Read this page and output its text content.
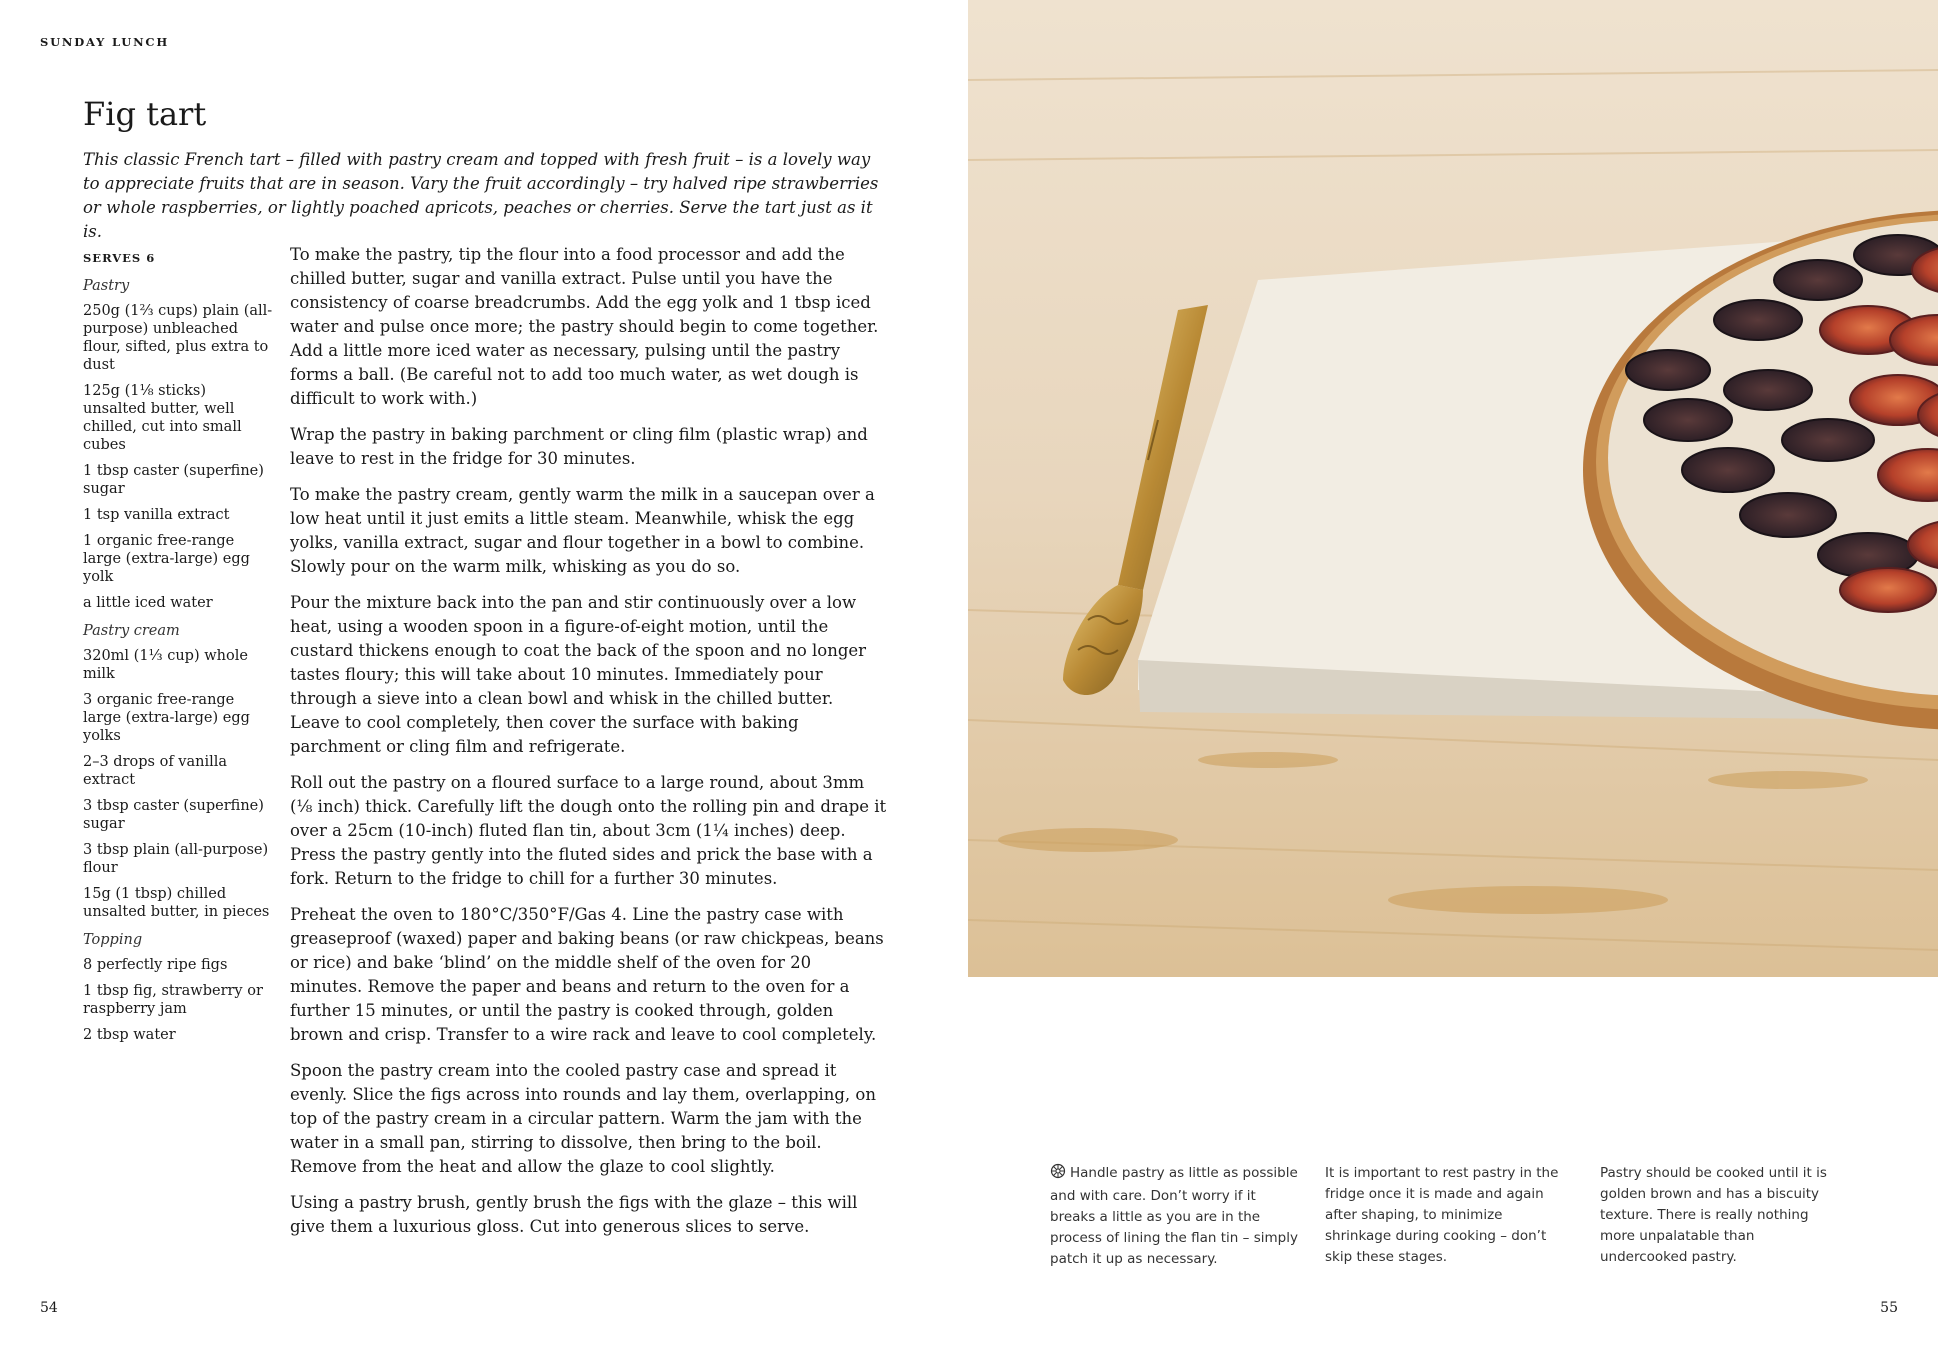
SUNDAY LUNCH
Fig tart

This classic French tart – filled with pastry cream and topped with fresh fruit – is a lovely way to appreciate fruits that are in season. Vary the fruit accordingly – try halved ripe strawberries or whole raspberries, or lightly poached apricots, peaches or cherries. Serve the tart just as it is.

SERVES 6
Pastry
250g (1⅔ cups) plain (all-purpose) unbleached flour, sifted, plus extra to dust
125g (1⅛ sticks) unsalted butter, well chilled, cut into small cubes
1 tbsp caster (superfine) sugar
1 tsp vanilla extract
1 organic free-range large (extra-large) egg yolk
a little iced water
Pastry cream
320ml (1⅓ cup) whole milk
3 organic free-range large (extra-large) egg yolks
2–3 drops of vanilla extract
3 tbsp caster (superfine) sugar
3 tbsp plain (all-purpose) flour
15g (1 tbsp) chilled unsalted butter, in pieces
Topping
8 perfectly ripe figs
1 tbsp fig, strawberry or raspberry jam
2 tbsp water

To make the pastry, tip the flour into a food processor and add the chilled butter, sugar and vanilla extract. Pulse until you have the consistency of coarse breadcrumbs. Add the egg yolk and 1 tbsp iced water and pulse once more; the pastry should begin to come together. Add a little more iced water as necessary, pulsing until the pastry forms a ball. (Be careful not to add too much water, as wet dough is difficult to work with.)

Wrap the pastry in baking parchment or cling film (plastic wrap) and leave to rest in the fridge for 30 minutes.

To make the pastry cream, gently warm the milk in a saucepan over a low heat until it just emits a little steam. Meanwhile, whisk the egg yolks, vanilla extract, sugar and flour together in a bowl to combine. Slowly pour on the warm milk, whisking as you do so.

Pour the mixture back into the pan and stir continuously over a low heat, using a wooden spoon in a figure-of-eight motion, until the custard thickens enough to coat the back of the spoon and no longer tastes floury; this will take about 10 minutes. Immediately pour through a sieve into a clean bowl and whisk in the chilled butter. Leave to cool completely, then cover the surface with baking parchment or cling film and refrigerate.

Roll out the pastry on a floured surface to a large round, about 3mm (⅛ inch) thick. Carefully lift the dough onto the rolling pin and drape it over a 25cm (10-inch) fluted flan tin, about 3cm (1¼ inches) deep. Press the pastry gently into the fluted sides and prick the base with a fork. Return to the fridge to chill for a further 30 minutes.

Preheat the oven to 180°C/350°F/Gas 4. Line the pastry case with greaseproof (waxed) paper and baking beans (or raw chickpeas, beans or rice) and bake ‘blind’ on the middle shelf of the oven for 20 minutes. Remove the paper and beans and return to the oven for a further 15 minutes, or until the pastry is cooked through, golden brown and crisp. Transfer to a wire rack and leave to cool completely.

Spoon the pastry cream into the cooled pastry case and spread it evenly. Slice the figs across into rounds and lay them, overlapping, on top of the pastry cream in a circular pattern. Warm the jam with the water in a small pan, stirring to dissolve, then bring to the boil. Remove from the heat and allow the glaze to cool slightly.

Using a pastry brush, gently brush the figs with the glaze – this will give them a luxurious gloss. Cut into generous slices to serve.

54
Handle pastry as little as possible and with care. Don’t worry if it breaks a little as you are in the process of lining the flan tin – simply patch it up as necessary.
It is important to rest pastry in the fridge once it is made and again after shaping, to minimize shrinkage during cooking – don’t skip these stages.
Pastry should be cooked until it is golden brown and has a biscuity texture. There is really nothing more unpalatable than undercooked pastry.
55
